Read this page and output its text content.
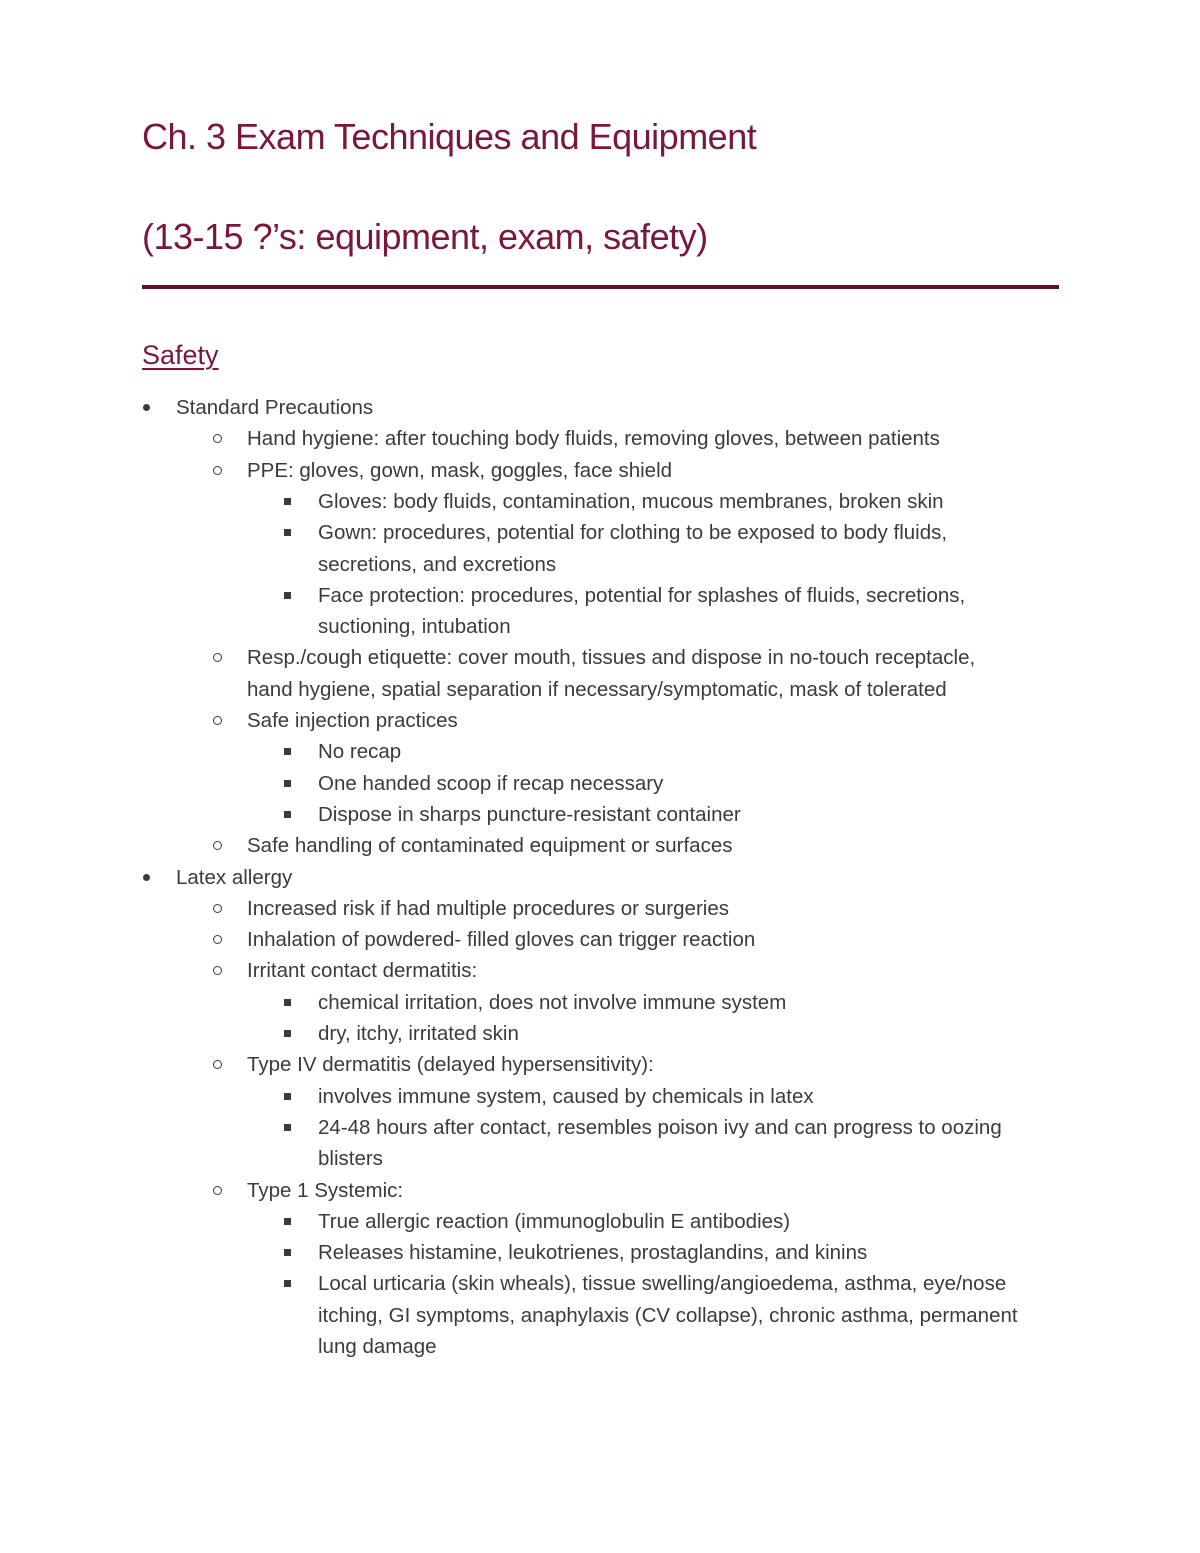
Ch. 3 Exam Techniques and Equipment
(13-15 ?’s: equipment, exam, safety)
Safety
Standard Precautions
Hand hygiene: after touching body fluids, removing gloves, between patients
PPE: gloves, gown, mask, goggles, face shield
Gloves: body fluids, contamination, mucous membranes, broken skin
Gown: procedures, potential for clothing to be exposed to body fluids,
secretions, and excretions
Face protection: procedures, potential for splashes of fluids, secretions,
suctioning, intubation
Resp./cough etiquette: cover mouth, tissues and dispose in no-touch receptacle,
hand hygiene, spatial separation if necessary/symptomatic, mask of tolerated
Safe injection practices
No recap
One handed scoop if recap necessary
Dispose in sharps puncture-resistant container
Safe handling of contaminated equipment or surfaces
Latex allergy
Increased risk if had multiple procedures or surgeries
Inhalation of powdered- filled gloves can trigger reaction
Irritant contact dermatitis:
chemical irritation, does not involve immune system
dry, itchy, irritated skin
Type IV dermatitis (delayed hypersensitivity):
involves immune system, caused by chemicals in latex
24-48 hours after contact, resembles poison ivy and can progress to oozing
blisters
Type 1 Systemic:
True allergic reaction (immunoglobulin E antibodies)
Releases histamine, leukotrienes, prostaglandins, and kinins
Local urticaria (skin wheals), tissue swelling/angioedema, asthma, eye/nose
itching, GI symptoms, anaphylaxis (CV collapse), chronic asthma, permanent
lung damage
